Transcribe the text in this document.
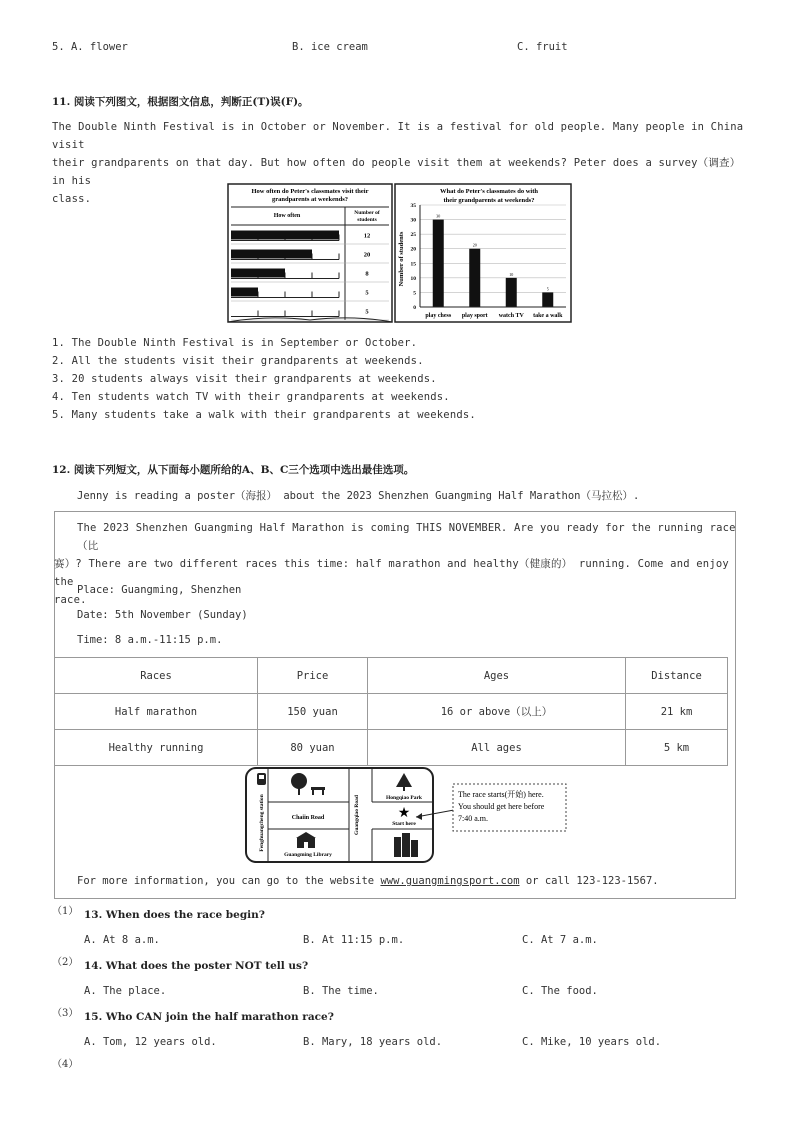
5. A. flower	B. ice cream	C. fruit
11. 阅读下列图文，根据图文信息，判断正(T)误(F)。
The Double Ninth Festival is in October or November. It is a festival for old people. Many people in China visit
their grandparents on that day. But how often do people visit them at weekends? Peter does a survey（调查） in his
class.
How often do Peter's classmates visit their
grandparents at weekends?
How often	Number of
students
12
20
8
5
5
What do Peter's classmates do with
their grandparents at weekends?
Number of students
0
5
10
15
20
25
30
35
30
play chess
20
play sport
10
watch TV
5
take a walk
1. The Double Ninth Festival is in September or October.
2. All the students visit their grandparents at weekends.
3. 20 students always visit their grandparents at weekends.
4. Ten students watch TV with their grandparents at weekends.
5. Many students take a walk with their grandparents at weekends.
12. 阅读下列短文，从下面每小题所给的A、B、C三个选项中选出最佳选项。
Jenny is reading a poster（海报） about the 2023 Shenzhen Guangming Half Marathon（马拉松）.
The 2023 Shenzhen Guangming Half Marathon is coming THIS NOVEMBER. Are you ready for the running race（比
赛）? There are two different races this time: half marathon and healthy（健康的） running. Come and enjoy the
race.
Place: Guangming, Shenzhen
Date: 5th November (Sunday)
Time: 8 a.m.-11:15 p.m.
Races	Price	Ages	Distance
Half marathon	150 yuan	16 or above（以上）	21 km
Healthy running	80 yuan	All ages	5 km
Fenghuangcheng station	Chaiin Road	Guangqiao Road	Hongqiao Park
★
Start here
Guangming Library
The race starts(开始) here.
You should get here before
7:40 a.m.
For more information, you can go to the website www.guangmingsport.com or call 123-123-1567.
（1） 13. When does the race begin?
A. At 8 a.m.	B. At 11:15 p.m.	C. At 7 a.m.
（2） 14. What does the poster NOT tell us?
A. The place.	B. The time.	C. The food.
（3） 15. Who CAN join the half marathon race?
A. Tom, 12 years old.	B. Mary, 18 years old.	C. Mike, 10 years old.
（4）
